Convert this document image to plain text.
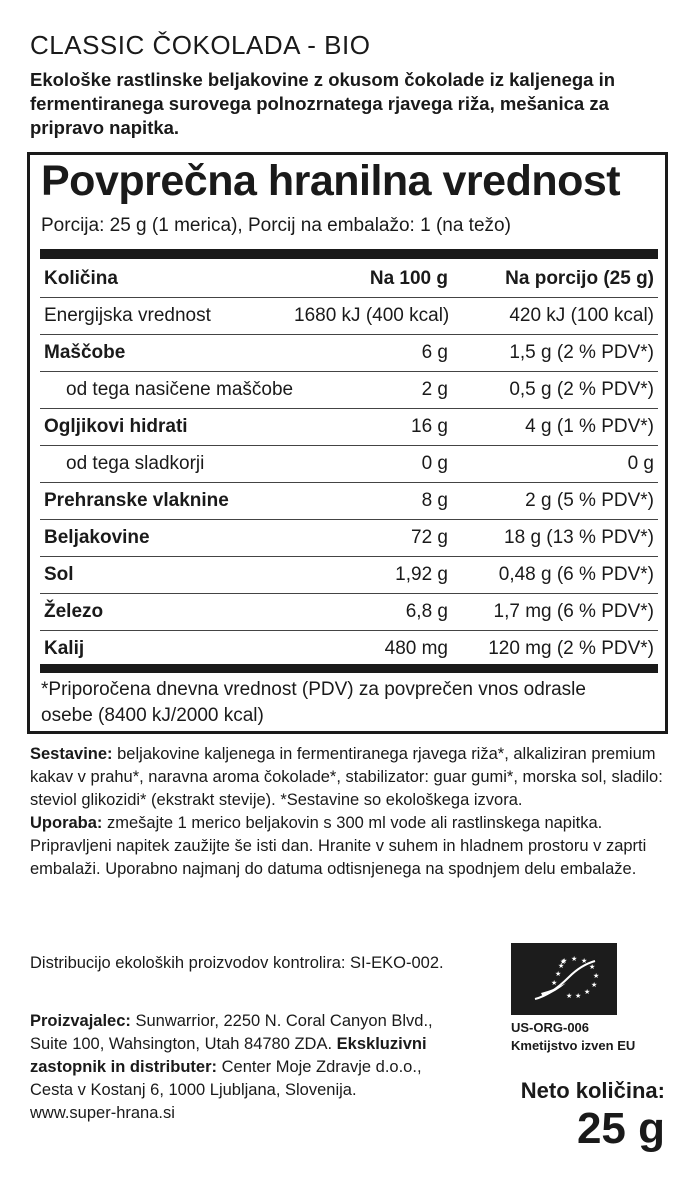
CLASSIC ČOKOLADA - BIO
Ekološke rastlinske beljakovine z okusom čokolade iz kaljenega in fermentiranega surovega polnozrnatega rjavega riža, mešanica za pripravo napitka.
Povprečna hranilna vrednost
Porcija: 25 g (1 merica), Porcij na embalažo: 1 (na težo)
Količina	Na 100 g	Na porcijo (25 g)
Energijska vrednost	1680 kJ (400 kcal)	420 kJ (100 kcal)
Maščobe	6 g	1,5 g (2 % PDV*)
od tega nasičene maščobe	2 g	0,5 g (2 % PDV*)
Ogljikovi hidrati	16 g	4 g (1 % PDV*)
od tega sladkorji	0 g	0 g
Prehranske vlaknine	8 g	2 g (5 % PDV*)
Beljakovine	72 g	18 g (13 % PDV*)
Sol	1,92 g	0,48 g (6 % PDV*)
Železo	6,8 g	1,7 mg (6 % PDV*)
Kalij	480 mg	120 mg (2 % PDV*)
*Priporočena dnevna vrednost (PDV) za povprečen vnos odrasle osebe (8400 kJ/2000 kcal)
Sestavine: beljakovine kaljenega in fermentiranega rjavega riža*, alkaliziran premium kakav v prahu*, naravna aroma čokolade*, stabilizator: guar gumi*, morska sol, sladilo: steviol glikozidi* (ekstrakt stevije). *Sestavine so ekološkega izvora.
Uporaba: zmešajte 1 merico beljakovin s 300 ml vode ali rastlinskega napitka. Pripravljeni napitek zaužijte še isti dan. Hranite v suhem in hladnem prostoru v zaprti embalaži. Uporabno najmanj do datuma odtisnjenega na spodnjem delu embalaže.
Distribucijo ekoloških proizvodov kontrolira: SI-EKO-002.
Proizvajalec: Sunwarrior, 2250 N. Coral Canyon Blvd., Suite 100, Wahsington, Utah 84780 ZDA. Ekskluzivni zastopnik in distributer: Center Moje Zdravje d.o.o., Cesta v Kostanj 6, 1000 Ljubljana, Slovenija.
www.super-hrana.si
★ ★ ★
★
★
★
★
★
★
★
★
★
US-ORG-006
Kmetijstvo izven EU
Neto količina:
25 g
